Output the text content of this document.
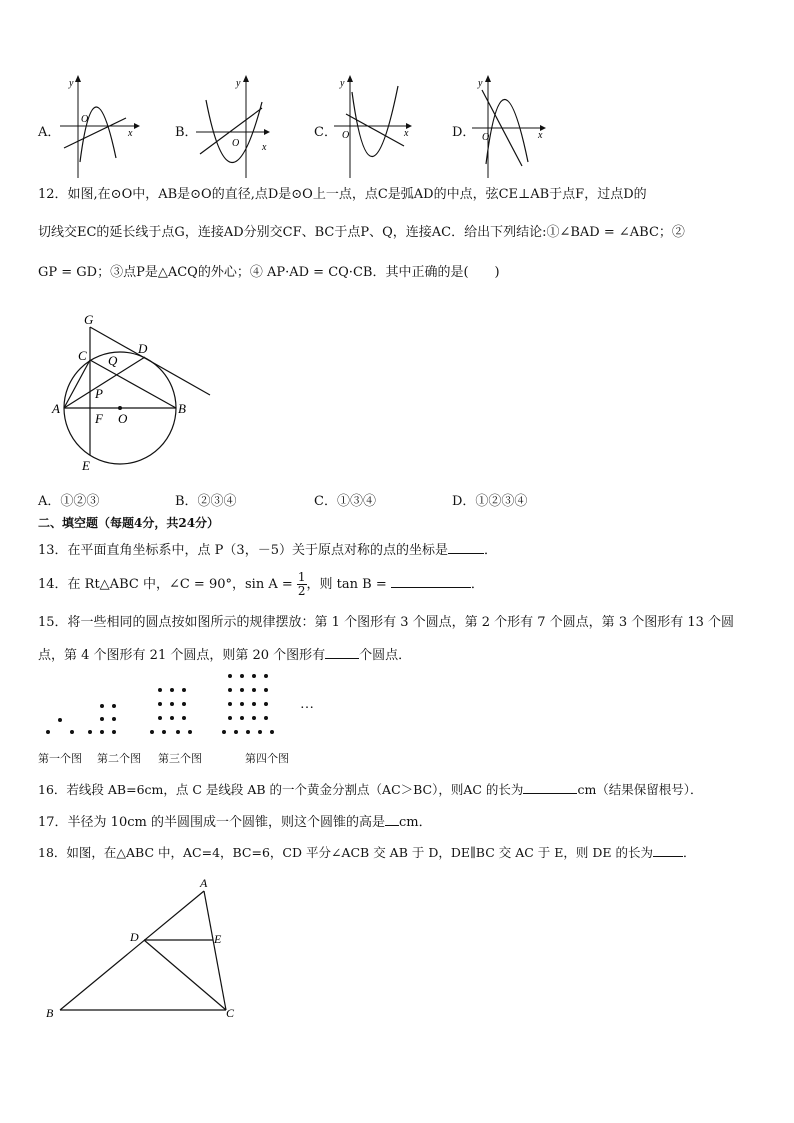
A．
y
x
O
B．
y
x
O
C．
y
x
O	D．
y
x
O
12．如图,在⊙O中，AB是⊙O的直径,点D是⊙O上一点，点C是弧AD的中点，弦CE⊥AB于点F，过点D的
切线交EC的延长线于点G，连接AD分别交CF、BC于点P、Q，连接AC．给出下列结论:①∠BAD = ∠ABC；②
GP = GD；③点P是△ACQ的外心；④ AP·AD = CQ·CB．其中正确的是(　　)
G
C Q
D
A
P
B
F O
E
A．①②③	B．②③④	C．①③④	D．①②③④
二、填空题（每题4分，共24分）
13．在平面直角坐标系中，点 P（3，－5）关于原点对称的点的坐标是	．
14．在 Rt△ABC 中，∠C = 90°，$\sin A = \frac{1}{2}$ ，则 tan B =	．
15．将一些相同的圆点按如图所示的规律摆放：第 1 个图形有 3 个圆点，第 2 个形有 7 个圆点，第 3 个图形有 13 个圆
点，第 4 个图形有 21 个圆点，则第 20 个图形有	个圆点．
…
第一个图 第二个图 第三个图	第四个图
16．若线段 AB=6cm，点 C 是线段 AB 的一个黄金分割点（AC＞BC），则AC 的长为	cm（结果保留根号）．
17．半径为 10cm 的半圆围成一个圆锥，则这个圆锥的高是 cm．
18．如图，在△ABC 中，AC=4，BC=6，CD 平分∠ACB 交 AB 于 D，DE∥BC 交 AC 于 E，则 DE 的长为 ．
A
D	E
B	C
